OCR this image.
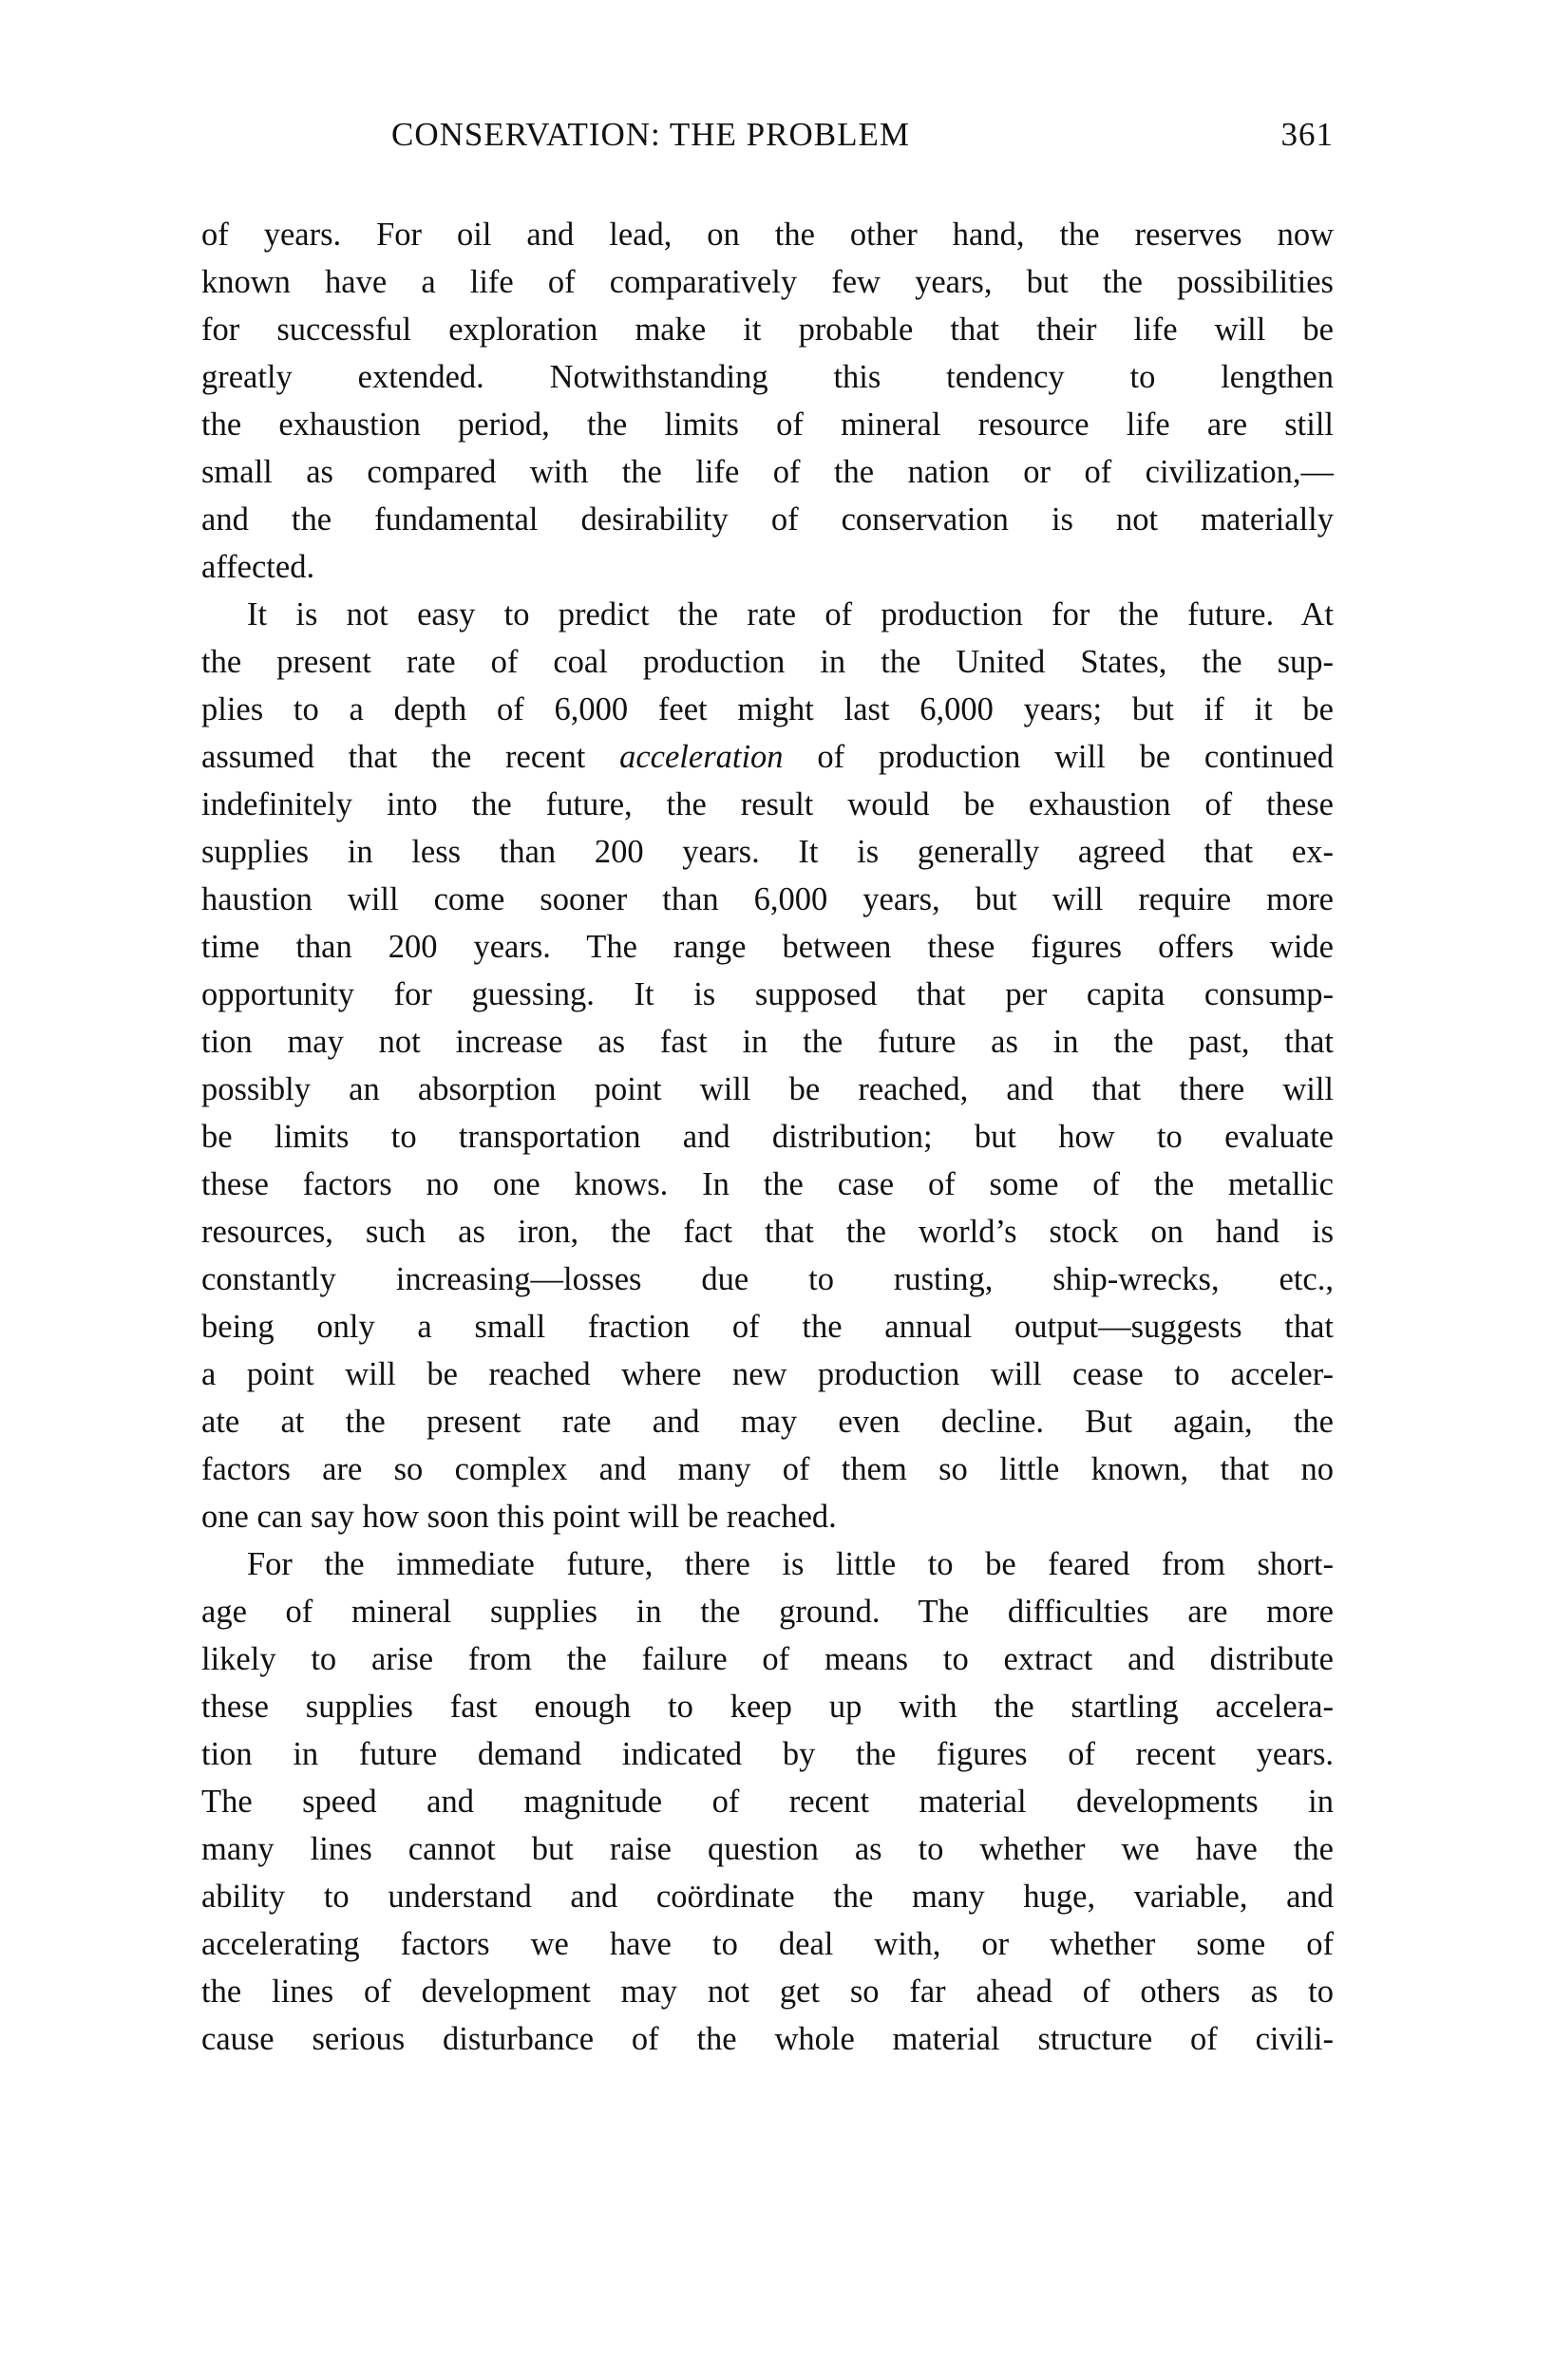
CONSERVATION: THE PROBLEM	361
of years. For oil and lead, on the other hand, the reserves now
known have a life of comparatively few years, but the possibilities
for successful exploration make it probable that their life will be
greatly extended. Notwithstanding this tendency to lengthen
the exhaustion period, the limits of mineral resource life are still
small as compared with the life of the nation or of civilization,—
and the fundamental desirability of conservation is not materially
affected.
It is not easy to predict the rate of production for the future. At
the present rate of coal production in the United States, the sup-
plies to a depth of 6,000 feet might last 6,000 years; but if it be
assumed that the recent acceleration of production will be continued
indefinitely into the future, the result would be exhaustion of these
supplies in less than 200 years. It is generally agreed that ex-
haustion will come sooner than 6,000 years, but will require more
time than 200 years. The range between these figures offers wide
opportunity for guessing. It is supposed that per capita consump-
tion may not increase as fast in the future as in the past, that
possibly an absorption point will be reached, and that there will
be limits to transportation and distribution; but how to evaluate
these factors no one knows. In the case of some of the metallic
resources, such as iron, the fact that the world’s stock on hand is
constantly increasing—losses due to rusting, ship-wrecks, etc.,
being only a small fraction of the annual output—suggests that
a point will be reached where new production will cease to acceler-
ate at the present rate and may even decline. But again, the
factors are so complex and many of them so little known, that no
one can say how soon this point will be reached.
For the immediate future, there is little to be feared from short-
age of mineral supplies in the ground. The difficulties are more
likely to arise from the failure of means to extract and distribute
these supplies fast enough to keep up with the startling accelera-
tion in future demand indicated by the figures of recent years.
The speed and magnitude of recent material developments in
many lines cannot but raise question as to whether we have the
ability to understand and coördinate the many huge, variable, and
accelerating factors we have to deal with, or whether some of
the lines of development may not get so far ahead of others as to
cause serious disturbance of the whole material structure of civili-
